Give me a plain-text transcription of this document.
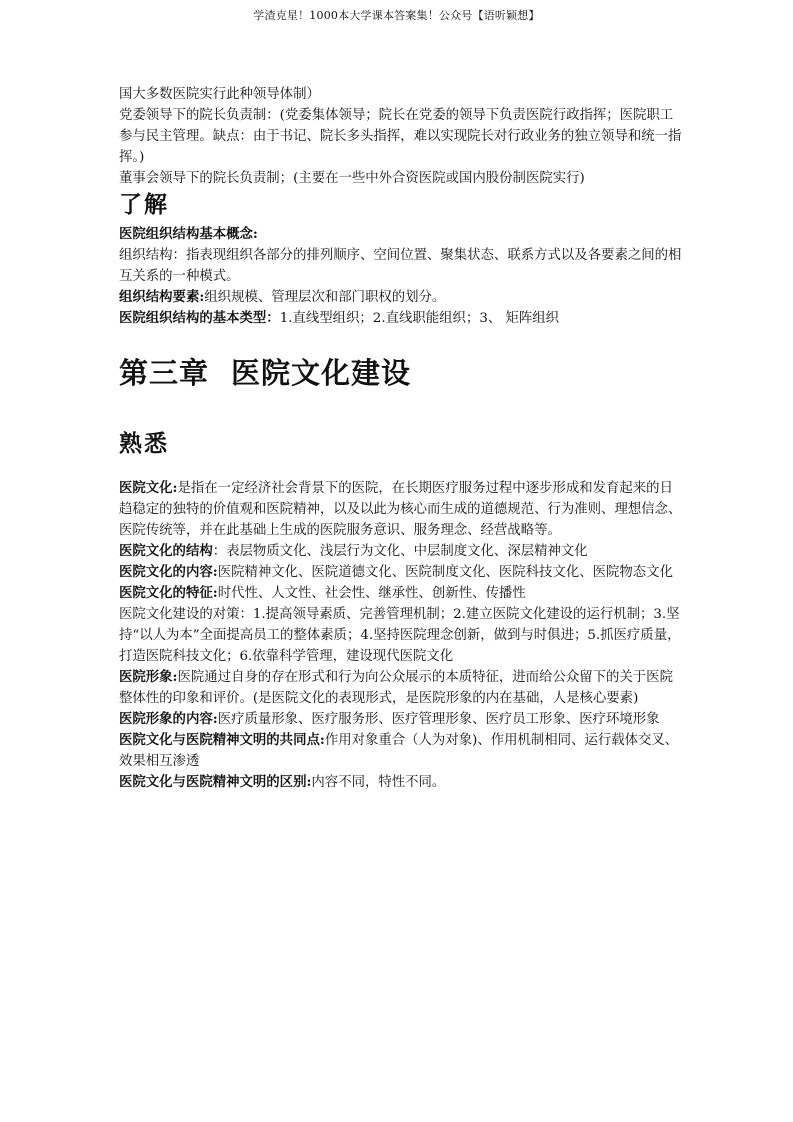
学渣克星！1000本大学课本答案集！公众号【语听颖想】

国大多数医院实行此种领导体制）

党委领导下的院长负责制：(党委集体领导；院长在党委的领导下负责医院行政指挥；医院职工参与民主管理。缺点：由于书记、院长多头指挥，难以实现院长对行政业务的独立领导和统一指挥。)

董事会领导下的院长负责制；(主要在一些中外合资医院或国内股份制医院实行)

了解

医院组织结构基本概念:

组织结构：指表现组织各部分的排列顺序、空间位置、聚集状态、联系方式以及各要素之间的相互关系的一种模式。

组织结构要素:组织规模、管理层次和部门职权的划分。

医院组织结构的基本类型：1.直线型组织；2.直线职能组织；3、 矩阵组织

第三章 医院文化建设

熟悉

医院文化:是指在一定经济社会背景下的医院，在长期医疗服务过程中逐步形成和发育起来的日趋稳定的独特的价值观和医院精神，以及以此为核心而生成的道德规范、行为准则、理想信念、医院传统等，并在此基础上生成的医院服务意识、服务理念、经营战略等。

医院文化的结构：表层物质文化、浅层行为文化、中层制度文化、深层精神文化

医院文化的内容:医院精神文化、医院道德文化、医院制度文化、医院科技文化、医院物态文化

医院文化的特征:时代性、人文性、社会性、继承性、创新性、传播性

医院文化建设的对策：1.提高领导素质、完善管理机制；2.建立医院文化建设的运行机制；3.坚持“以人为本”全面提高员工的整体素质；4.坚持医院理念创新，做到与时俱进；5.抓医疗质量，打造医院科技文化；6.依靠科学管理，建设现代医院文化

医院形象:医院通过自身的存在形式和行为向公众展示的本质特征，进而给公众留下的关于医院整体性的印象和评价。(是医院文化的表现形式，是医院形象的内在基础，人是核心要素)

医院形象的内容:医疗质量形象、医疗服务形、医疗管理形象、医疗员工形象、医疗环境形象

医院文化与医院精神文明的共同点:作用对象重合（人为对象)、作用机制相同、运行载体交叉、效果相互渗透

医院文化与医院精神文明的区别:内容不同，特性不同。
